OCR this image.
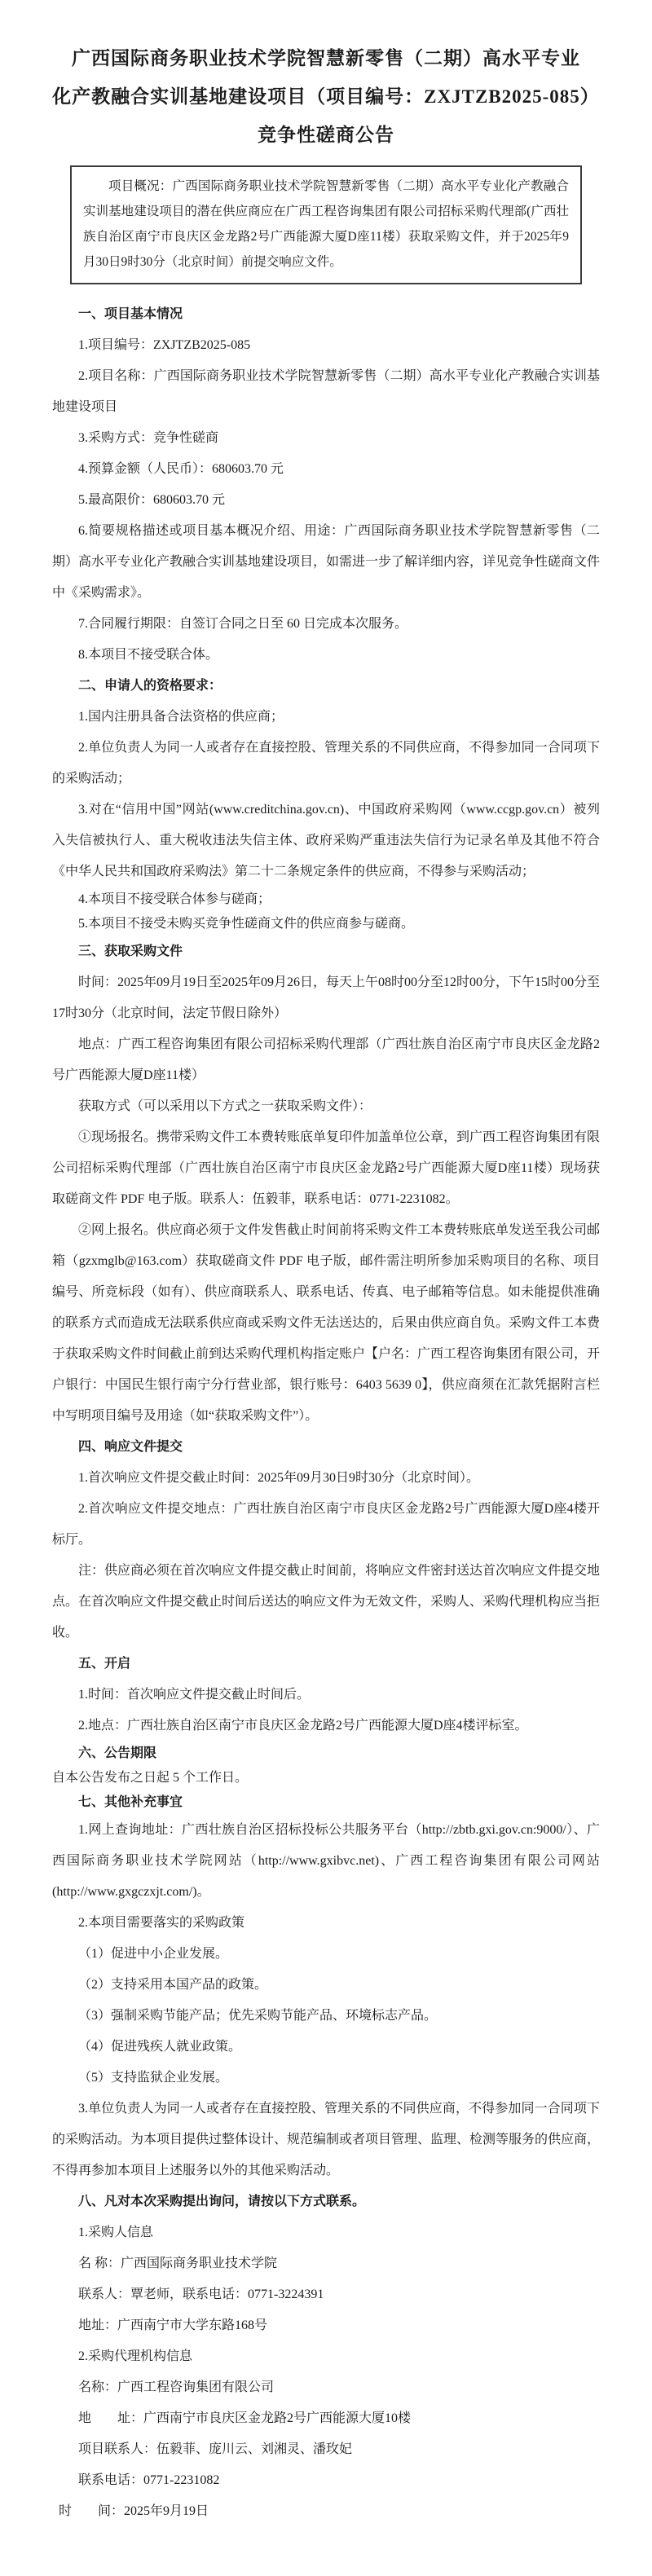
广西国际商务职业技术学院智慧新零售（二期）高水平专业
化产教融合实训基地建设项目（项目编号：ZXJTZB2025-085）
竞争性磋商公告

项目概况：广西国际商务职业技术学院智慧新零售（二期）高水平专业化产教融合实训基地建设项目的潜在供应商应在广西工程咨询集团有限公司招标采购代理部(广西壮族自治区南宁市良庆区金龙路2号广西能源大厦D座11楼）获取采购文件，并于2025年9月30日9时30分（北京时间）前提交响应文件。

一、项目基本情况

1.项目编号：ZXJTZB2025-085

2.项目名称：广西国际商务职业技术学院智慧新零售（二期）高水平专业化产教融合实训基地建设项目

3.采购方式：竞争性磋商

4.预算金额（人民币）：680603.70 元

5.最高限价：680603.70 元

6.简要规格描述或项目基本概况介绍、用途：广西国际商务职业技术学院智慧新零售（二期）高水平专业化产教融合实训基地建设项目，如需进一步了解详细内容，详见竞争性磋商文件中《采购需求》。

7.合同履行期限：自签订合同之日至 60 日完成本次服务。

8.本项目不接受联合体。

二、申请人的资格要求：

1.国内注册具备合法资格的供应商；

2.单位负责人为同一人或者存在直接控股、管理关系的不同供应商，不得参加同一合同项下的采购活动；

3.对在“信用中国”网站(www.creditchina.gov.cn)、中国政府采购网（www.ccgp.gov.cn）被列入失信被执行人、重大税收违法失信主体、政府采购严重违法失信行为记录名单及其他不符合《中华人民共和国政府采购法》第二十二条规定条件的供应商，不得参与采购活动；

4.本项目不接受联合体参与磋商；

5.本项目不接受未购买竞争性磋商文件的供应商参与磋商。

三、获取采购文件

时间：2025年09月19日至2025年09月26日，每天上午08时00分至12时00分，下午15时00分至17时30分（北京时间，法定节假日除外）

地点：广西工程咨询集团有限公司招标采购代理部（广西壮族自治区南宁市良庆区金龙路2号广西能源大厦D座11楼）

获取方式（可以采用以下方式之一获取采购文件）：

①现场报名。携带采购文件工本费转账底单复印件加盖单位公章，到广西工程咨询集团有限公司招标采购代理部（广西壮族自治区南宁市良庆区金龙路2号广西能源大厦D座11楼）现场获取磋商文件 PDF 电子版。联系人：伍毅菲，联系电话：0771-2231082。

②网上报名。供应商必须于文件发售截止时间前将采购文件工本费转账底单发送至我公司邮箱（gzxmglb@163.com）获取磋商文件 PDF 电子版，邮件需注明所参加采购项目的名称、项目编号、所竞标段（如有）、供应商联系人、联系电话、传真、电子邮箱等信息。如未能提供准确的联系方式而造成无法联系供应商或采购文件无法送达的，后果由供应商自负。采购文件工本费于获取采购文件时间截止前到达采购代理机构指定账户【户名：广西工程咨询集团有限公司，开户银行：中国民生银行南宁分行营业部，银行账号：6403 5639 0】，供应商须在汇款凭据附言栏中写明项目编号及用途（如“获取采购文件”）。

四、响应文件提交

1.首次响应文件提交截止时间：2025年09月30日9时30分（北京时间）。

2.首次响应文件提交地点：广西壮族自治区南宁市良庆区金龙路2号广西能源大厦D座4楼开标厅。

注：供应商必须在首次响应文件提交截止时间前，将响应文件密封送达首次响应文件提交地点。在首次响应文件提交截止时间后送达的响应文件为无效文件，采购人、采购代理机构应当拒收。

五、开启

1.时间：首次响应文件提交截止时间后。

2.地点：广西壮族自治区南宁市良庆区金龙路2号广西能源大厦D座4楼评标室。

六、公告期限

自本公告发布之日起 5 个工作日。

七、其他补充事宜

1.网上查询地址：广西壮族自治区招标投标公共服务平台（http://zbtb.gxi.gov.cn:9000/）、广西国际商务职业技术学院网站（http://www.gxibvc.net)、广西工程咨询集团有限公司网站(http://www.gxgczxjt.com/)。

2.本项目需要落实的采购政策

（1）促进中小企业发展。

（2）支持采用本国产品的政策。

（3）强制采购节能产品；优先采购节能产品、环境标志产品。

（4）促进残疾人就业政策。

（5）支持监狱企业发展。

3.单位负责人为同一人或者存在直接控股、管理关系的不同供应商，不得参加同一合同项下的采购活动。为本项目提供过整体设计、规范编制或者项目管理、监理、检测等服务的供应商，不得再参加本项目上述服务以外的其他采购活动。

八、凡对本次采购提出询问，请按以下方式联系。

1.采购人信息

名 称：广西国际商务职业技术学院

联系人：覃老师，联系电话：0771-3224391

地址：广西南宁市大学东路168号

2.采购代理机构信息

名称：广西工程咨询集团有限公司

地　　址：广西南宁市良庆区金龙路2号广西能源大厦10楼

项目联系人：伍毅菲、庞川云、刘湘灵、潘玫妃

联系电话：0771-2231082

时　　间：2025年9月19日
